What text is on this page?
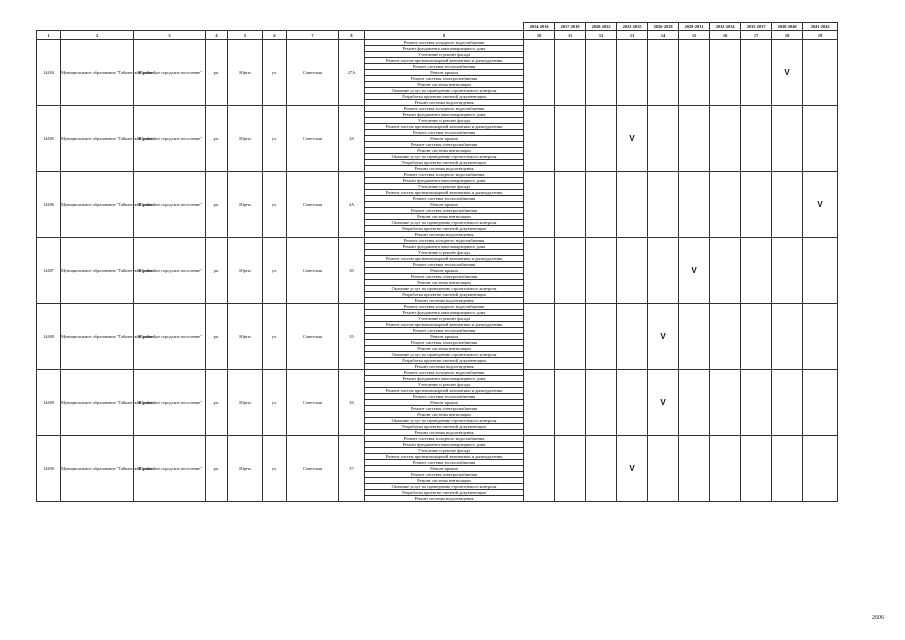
									2014-2016	2017-2019	2020-2022	2023-2025	2026-2028	2029-2031	2032-2034	2035-2037	2038-2040	2041-2043
1	2	3	4	5	6	7	8	9	10	11	12	13	14	15	16	17	18	19
14484	Муниципальное образование "Тайшетский район"	"Юртинское городское поселение"	рп.	Юрты	ул.	Советская	27А	Ремонт системы холодного водоснабжения									V	
								Ремонт фундамента многоквартирного дома										
								Утепление и ремонт фасада										
								Ремонт систем противопожарной автоматики и дымоудаления										
								Ремонт системы теплоснабжения										
								Ремонт крыши										
								Ремонт системы электроснабжения										
								Ремонт системы вентиляции										
								Оказание услуг по проведению строительного контроля										
								Разработка проектно-сметной документации										
								Ремонт системы водоотведения										
14485	Муниципальное образование "Тайшетский район"	"Юртинское городское поселение"	рп.	Юрты	ул.	Советская	28	Ремонт системы холодного водоснабжения				V						
								Ремонт фундамента многоквартирного дома										
								Утепление и ремонт фасада										
								Ремонт систем противопожарной автоматики и дымоудаления										
								Ремонт системы теплоснабжения										
								Ремонт крыши										
								Ремонт системы электроснабжения										
								Ремонт системы вентиляции										
								Оказание услуг по проведению строительного контроля										
								Разработка проектно-сметной документации										
								Ремонт системы водоотведения										
14486	Муниципальное образование "Тайшетский район"	"Юртинское городское поселение"	рп.	Юрты	ул.	Советская	2А	Ремонт системы холодного водоснабжения										V
								Ремонт фундамента многоквартирного дома										
								Утепление и ремонт фасада										
								Ремонт систем противопожарной автоматики и дымоудаления										
								Ремонт системы теплоснабжения										
								Ремонт крыши										
								Ремонт системы электроснабжения										
								Ремонт системы вентиляции										
								Оказание услуг по проведению строительного контроля										
								Разработка проектно-сметной документации										
								Ремонт системы водоотведения										
14487	Муниципальное образование "Тайшетский район"	"Юртинское городское поселение"	рп.	Юрты	ул.	Советская	30	Ремонт системы холодного водоснабжения						V				
								Ремонт фундамента многоквартирного дома										
								Утепление и ремонт фасада										
								Ремонт систем противопожарной автоматики и дымоудаления										
								Ремонт системы теплоснабжения										
								Ремонт крыши										
								Ремонт системы электроснабжения										
								Ремонт системы вентиляции										
								Оказание услуг по проведению строительного контроля										
								Разработка проектно-сметной документации										
								Ремонт системы водоотведения										
14488	Муниципальное образование "Тайшетский район"	"Юртинское городское поселение"	рп.	Юрты	ул.	Советская	35	Ремонт системы холодного водоснабжения					V					
								Ремонт фундамента многоквартирного дома										
								Утепление и ремонт фасада										
								Ремонт систем противопожарной автоматики и дымоудаления										
								Ремонт системы теплоснабжения										
								Ремонт крыши										
								Ремонт системы электроснабжения										
								Ремонт системы вентиляции										
								Оказание услуг по проведению строительного контроля										
								Разработка проектно-сметной документации										
								Ремонт системы водоотведения										
14489	Муниципальное образование "Тайшетский район"	"Юртинское городское поселение"	рп.	Юрты	ул.	Советская	36	Ремонт системы холодного водоснабжения					V					
								Ремонт фундамента многоквартирного дома										
								Утепление и ремонт фасада										
								Ремонт систем противопожарной автоматики и дымоудаления										
								Ремонт системы теплоснабжения										
								Ремонт крыши										
								Ремонт системы электроснабжения										
								Ремонт системы вентиляции										
								Оказание услуг по проведению строительного контроля										
								Разработка проектно-сметной документации										
								Ремонт системы водоотведения										
14490	Муниципальное образование "Тайшетский район"	"Юртинское городское поселение"	рп.	Юрты	ул.	Советская	37	Ремонт системы холодного водоснабжения				V						
								Ремонт фундамента многоквартирного дома										
								Утепление и ремонт фасада										
								Ремонт систем противопожарной автоматики и дымоудаления										
								Ремонт системы теплоснабжения										
								Ремонт крыши										
								Ремонт системы электроснабжения										
								Ремонт системы вентиляции										
								Оказание услуг по проведению строительного контроля										
								Разработка проектно-сметной документации										
								Ремонт системы водоотведения										
2606
